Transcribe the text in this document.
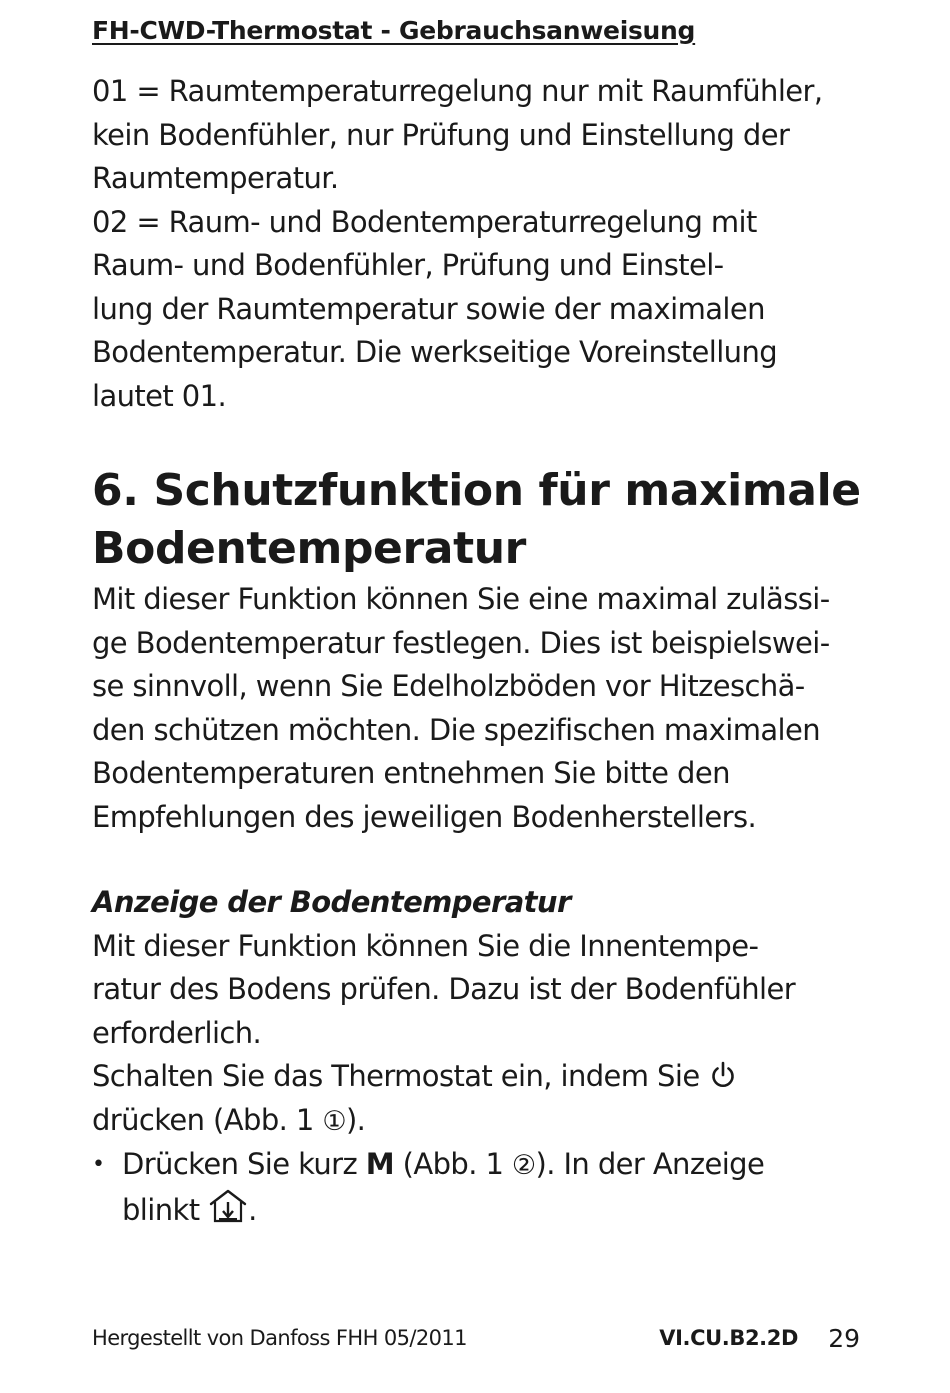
FH-CWD-Thermostat - Gebrauchsanweisung

01 = Raumtemperaturregelung nur mit Raumfühler,
kein Bodenfühler, nur Prüfung und Einstellung der
Raumtemperatur.

02 = Raum- und Bodentemperaturregelung mit
Raum- und Bodenfühler, Prüfung und Einstel-
lung der Raumtemperatur sowie der maximalen
Bodentemperatur. Die werkseitige Voreinstellung
lautet 01.

6. Schutzfunktion für maximale
Bodentemperatur

Mit dieser Funktion können Sie eine maximal zulässi-
ge Bodentemperatur festlegen. Dies ist beispielswei-
se sinnvoll, wenn Sie Edelholzböden vor Hitzeschä-
den schützen möchten. Die spezifischen maximalen
Bodentemperaturen entnehmen Sie bitte den
Empfehlungen des jeweiligen Bodenherstellers.

Anzeige der Bodentemperatur

Mit dieser Funktion können Sie die Innentempe-
ratur des Bodens prüfen. Dazu ist der Bodenfühler
erforderlich.
Schalten Sie das Thermostat ein, indem Sie
drücken (Abb. 1 ①).

• Drücken Sie kurz M (Abb. 1 ②). In der Anzeige
blinkt
.
Hergestellt von Danfoss FHH 05/2011	VI.CU.B2.2D 29
